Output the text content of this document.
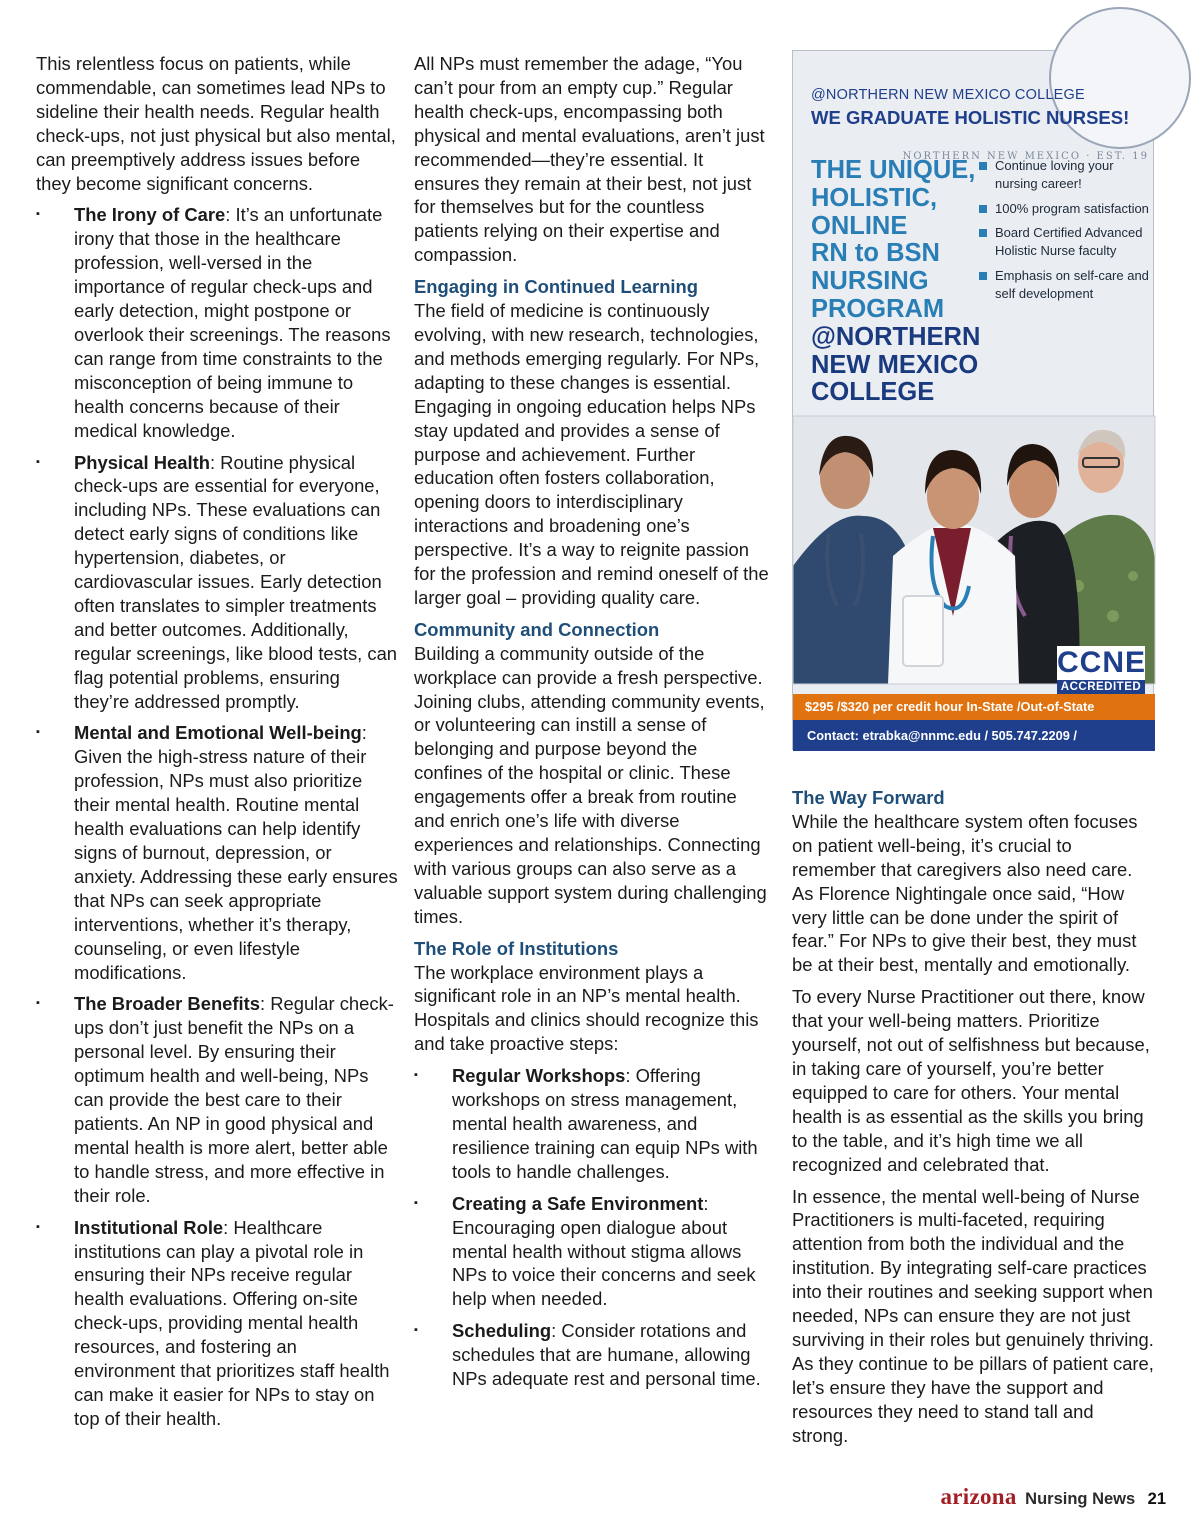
This relentless focus on patients, while commendable, can sometimes lead NPs to sideline their health needs. Regular health check-ups, not just physical but also mental, can preemptively address issues before they become significant concerns.

▪ The Irony of Care: It’s an unfortunate irony that those in the healthcare profession, well-versed in the importance of regular check-ups and early detection, might postpone or overlook their screenings. The reasons can range from time constraints to the misconception of being immune to health concerns because of their medical knowledge.
▪ Physical Health: Routine physical check-ups are essential for everyone, including NPs. These evaluations can detect early signs of conditions like hypertension, diabetes, or cardiovascular issues. Early detection often translates to simpler treatments and better outcomes. Additionally, regular screenings, like blood tests, can flag potential problems, ensuring they’re addressed promptly.
▪ Mental and Emotional Well-being: Given the high-stress nature of their profession, NPs must also prioritize their mental health. Routine mental health evaluations can help identify signs of burnout, depression, or anxiety. Addressing these early ensures that NPs can seek appropriate interventions, whether it’s therapy, counseling, or even lifestyle modifications.
▪ The Broader Benefits: Regular check-ups don’t just benefit the NPs on a personal level. By ensuring their optimum health and well-being, NPs can provide the best care to their patients. An NP in good physical and mental health is more alert, better able to handle stress, and more effective in their role.
▪ Institutional Role: Healthcare institutions can play a pivotal role in ensuring their NPs receive regular health evaluations. Offering on-site check-ups, providing mental health resources, and fostering an environment that prioritizes staff health can make it easier for NPs to stay on top of their health.

All NPs must remember the adage, “You can’t pour from an empty cup.” Regular health check-ups, encompassing both physical and mental evaluations, aren’t just recommended—they’re essential. It ensures they remain at their best, not just for themselves but for the countless patients relying on their expertise and compassion.

Engaging in Continued Learning

The field of medicine is continuously evolving, with new research, technologies, and methods emerging regularly. For NPs, adapting to these changes is essential. Engaging in ongoing education helps NPs stay updated and provides a sense of purpose and achievement. Further education often fosters collaboration, opening doors to interdisciplinary interactions and broadening one’s perspective. It’s a way to reignite passion for the profession and remind oneself of the larger goal – providing quality care.

Community and Connection

Building a community outside of the workplace can provide a fresh perspective. Joining clubs, attending community events, or volunteering can instill a sense of belonging and purpose beyond the confines of the hospital or clinic. These engagements offer a break from routine and enrich one’s life with diverse experiences and relationships. Connecting with various groups can also serve as a valuable support system during challenging times.

The Role of Institutions

The workplace environment plays a significant role in an NP’s mental health. Hospitals and clinics should recognize this and take proactive steps:

▪ Regular Workshops: Offering workshops on stress management, mental health awareness, and resilience training can equip NPs with tools to handle challenges.
▪ Creating a Safe Environment: Encouraging open dialogue about mental health without stigma allows NPs to voice their concerns and seek help when needed.
▪ Scheduling: Consider rotations and schedules that are humane, allowing NPs adequate rest and personal time.
NORTHERN NEW MEXICO · EST. 19
@NORTHERN NEW MEXICO COLLEGE
WE GRADUATE HOLISTIC NURSES!
THE UNIQUE,
HOLISTIC,
ONLINE
RN to BSN
NURSING
PROGRAM
@NORTHERN
NEW MEXICO
COLLEGE
Continue loving your nursing career!
100% program satisfaction
Board Certified Advanced Holistic Nurse faculty
Emphasis on self-care and self development
CCNE
ACCREDITED
$295 /$320 per credit hour In-State /Out-of-State
Contact: etrabka@nnmc.edu / 505.747.2209 / www.nnmc.edu
The Way Forward

While the healthcare system often focuses on patient well-being, it’s crucial to remember that caregivers also need care. As Florence Nightingale once said, “How very little can be done under the spirit of fear.” For NPs to give their best, they must be at their best, mentally and emotionally.

To every Nurse Practitioner out there, know that your well-being matters. Prioritize yourself, not out of selfishness but because, in taking care of yourself, you’re better equipped to care for others. Your mental health is as essential as the skills you bring to the table, and it’s high time we all recognized and celebrated that.

In essence, the mental well-being of Nurse Practitioners is multi-faceted, requiring attention from both the individual and the institution. By integrating self-care practices into their routines and seeking support when needed, NPs can ensure they are not just surviving in their roles but genuinely thriving. As they continue to be pillars of patient care, let’s ensure they have the support and resources they need to stand tall and strong.

arizona Nursing News 21
